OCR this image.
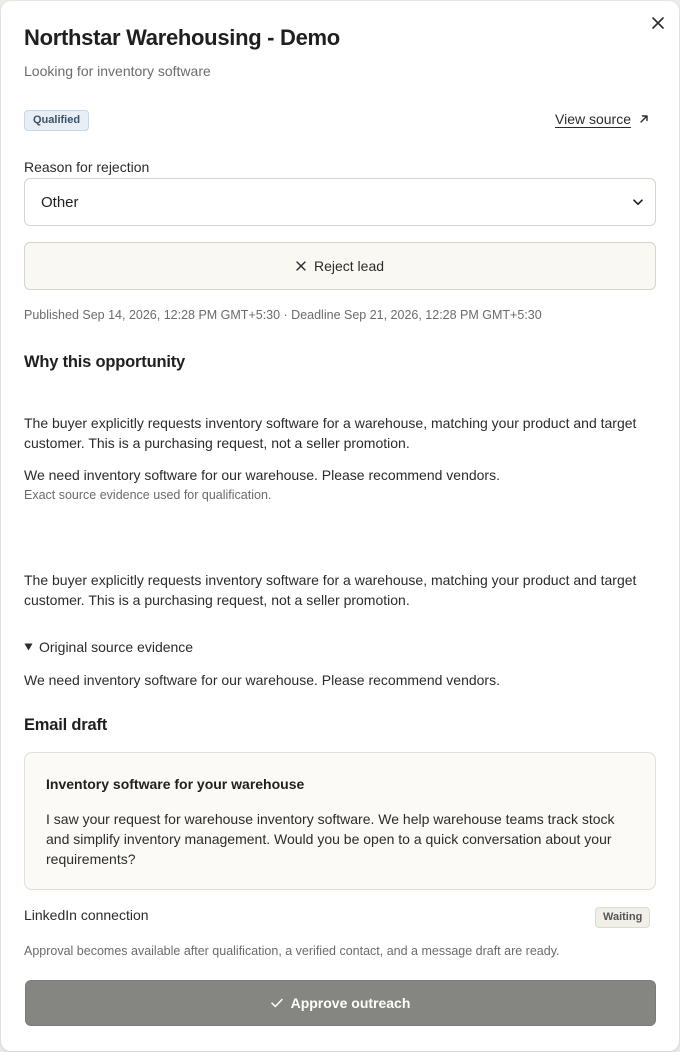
Northstar Warehousing - Demo
Looking for inventory software
Qualified	View source
Reason for rejection
Other
Reject lead
Published Sep 14, 2026, 12:28 PM GMT+5:30 · Deadline Sep 21, 2026, 12:28 PM GMT+5:30
Why this opportunity
The buyer explicitly requests inventory software for a warehouse, matching your product and target customer. This is a purchasing request, not a seller promotion.
We need inventory software for our warehouse. Please recommend vendors.
Exact source evidence used for qualification.
The buyer explicitly requests inventory software for a warehouse, matching your product and target customer. This is a purchasing request, not a seller promotion.
Original source evidence
We need inventory software for our warehouse. Please recommend vendors.
Email draft
Inventory software for your warehouse
I saw your request for warehouse inventory software. We help warehouse teams track stock and simplify inventory management. Would you be open to a quick conversation about your requirements?
LinkedIn connection	Waiting
Approval becomes available after qualification, a verified contact, and a message draft are ready.
Approve outreach
